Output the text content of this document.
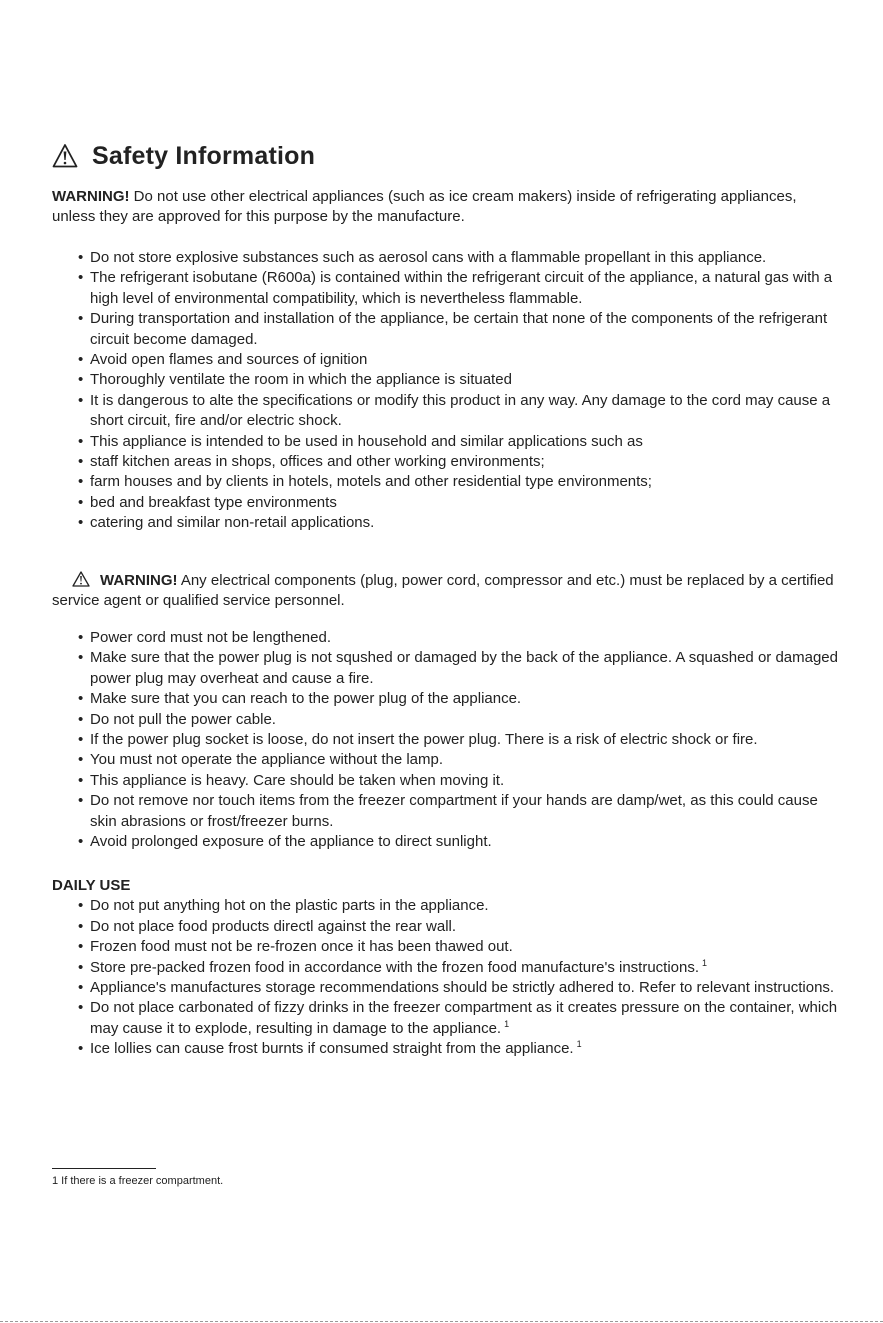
Safety Information

WARNING! Do not use other electrical appliances (such as ice cream makers) inside of refrigerating appliances, unless they are approved for this purpose by the manufacture.

• Do not store explosive substances such as aerosol cans with a flammable propellant in this appliance.
• The refrigerant isobutane (R600a) is contained within the refrigerant circuit of the appliance, a natural gas with a high level of environmental compatibility, which is nevertheless flammable.
• During transportation and installation of the appliance, be certain that none of the components of the refrigerant circuit become damaged.
• Avoid open flames and sources of ignition
• Thoroughly ventilate the room in which the appliance is situated
• It is dangerous to alte the specifications or modify this product in any way. Any damage to the cord may cause a short circuit, fire and/or electric shock.
• This appliance is intended to be used in household and similar applications such as
• staff kitchen areas in shops, offices and other working environments;
• farm houses and by clients in hotels, motels and other residential type environments;
• bed and breakfast type environments
• catering and similar non-retail applications.

WARNING! Any electrical components (plug, power cord, compressor and etc.) must be replaced by a certified service agent or qualified service personnel.

• Power cord must not be lengthened.
• Make sure that the power plug is not squshed or damaged by the back of the appliance. A squashed or damaged power plug may overheat and cause a fire.
• Make sure that you can reach to the power plug of the appliance.
• Do not pull the power cable.
• If the power plug socket is loose, do not insert the power plug. There is a risk of electric shock or fire.
• You must not operate the appliance without the lamp.
• This appliance is heavy. Care should be taken when moving it.
• Do not remove nor touch items from the freezer compartment if your hands are damp/wet, as this could cause skin abrasions or frost/freezer burns.
• Avoid prolonged exposure of the appliance to direct sunlight.
DAILY USE
• Do not put anything hot on the plastic parts in the appliance.
• Do not place food products directl against the rear wall.
• Frozen food must not be re-frozen once it has been thawed out.
• Store pre-packed frozen food in accordance with the frozen food manufacture's instructions. $^1$
• Appliance's manufactures storage recommendations should be strictly adhered to. Refer to relevant instructions.
• Do not place carbonated of fizzy drinks in the freezer compartment as it creates pressure on the container, which may cause it to explode, resulting in damage to the appliance. $^1$
• Ice lollies can cause frost burnts if consumed straight from the appliance. $^1$
1 If there is a freezer compartment.
